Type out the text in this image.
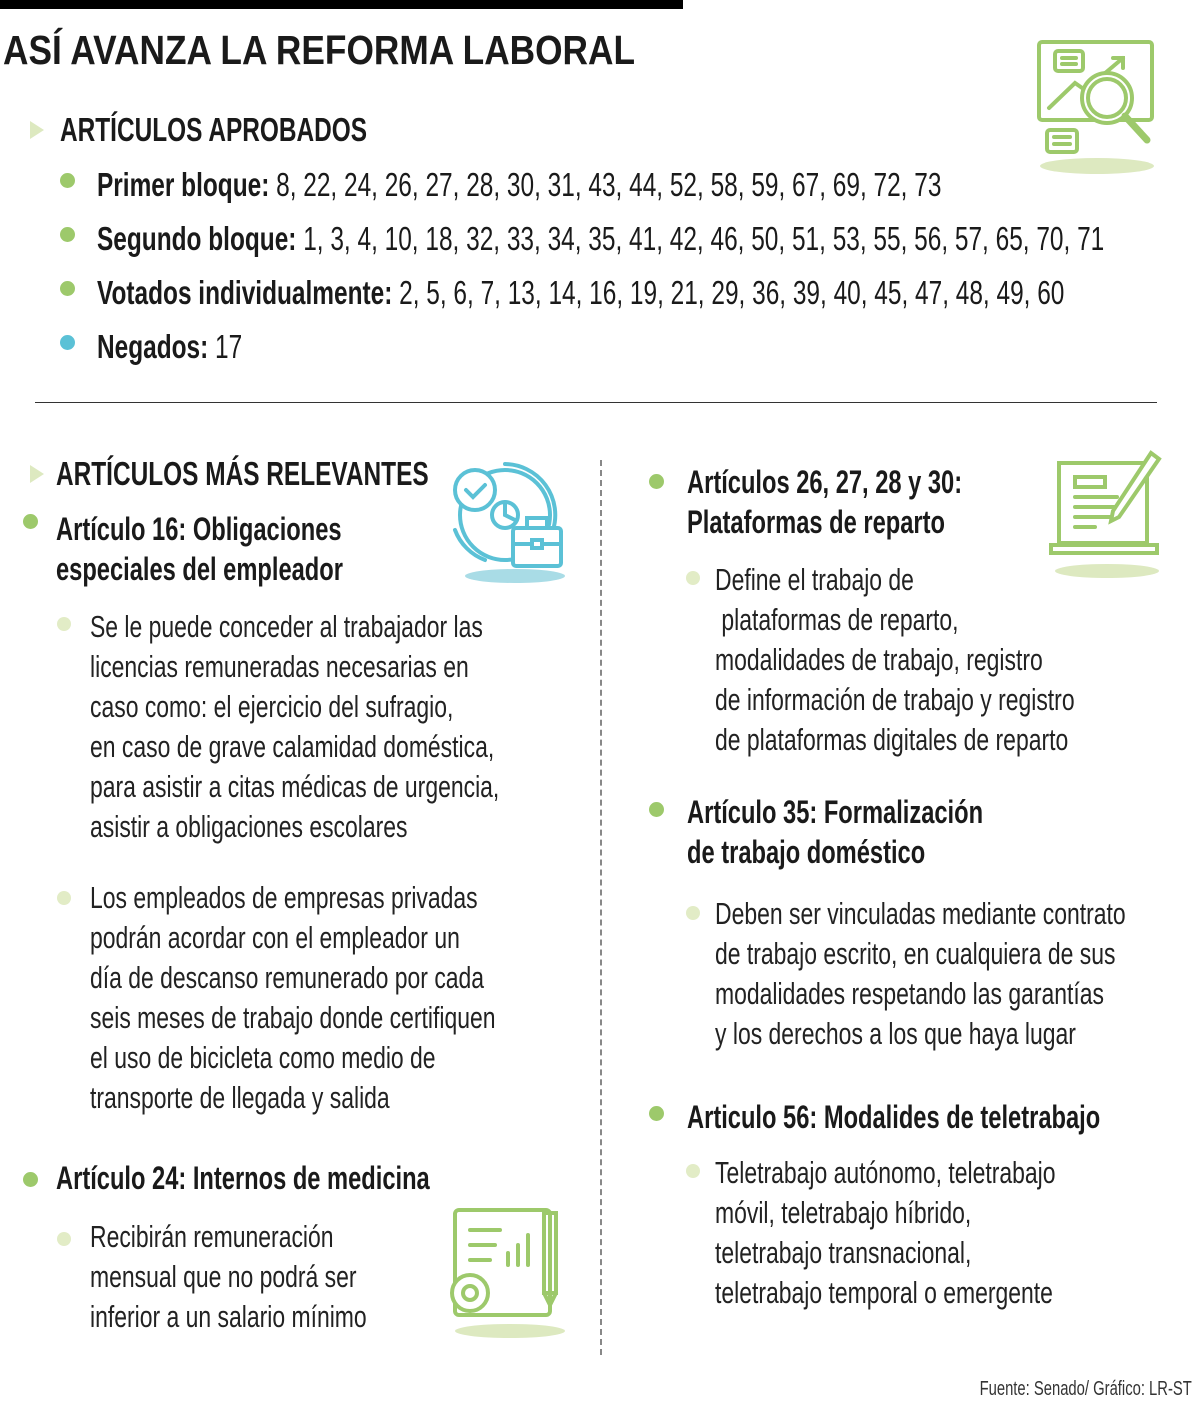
ASÍ AVANZA LA REFORMA LABORAL
ARTÍCULOS APROBADOS
Primer bloque: 8, 22, 24, 26, 27, 28, 30, 31, 43, 44, 52, 58, 59, 67, 69, 72, 73
Segundo bloque: 1, 3, 4, 10, 18, 32, 33, 34, 35, 41, 42, 46, 50, 51, 53, 55, 56, 57, 65, 70, 71
Votados individualmente: 2, 5, 6, 7, 13, 14, 16, 19, 21, 29, 36, 39, 40, 45, 47, 48, 49, 60
Negados: 17
ARTÍCULOS MÁS RELEVANTES
Artículo 16: Obligaciones
especiales del empleador
Se le puede conceder al trabajador las
licencias remuneradas necesarias en
caso como: el ejercicio del sufragio,
en caso de grave calamidad doméstica,
para asistir a citas médicas de urgencia,
asistir a obligaciones escolares
Los empleados de empresas privadas
podrán acordar con el empleador un
día de descanso remunerado por cada
seis meses de trabajo donde certifiquen
el uso de bicicleta como medio de
transporte de llegada y salida
Artículo 24: Internos de medicina
Recibirán remuneración
mensual que no podrá ser
inferior a un salario mínimo
Artículos 26, 27, 28 y 30:
Plataformas de reparto
Define el trabajo de
plataformas de reparto,
modalidades de trabajo, registro
de información de trabajo y registro
de plataformas digitales de reparto
Artículo 35: Formalización
de trabajo doméstico
Deben ser vinculadas mediante contrato
de trabajo escrito, en cualquiera de sus
modalidades respetando las garantías
y los derechos a los que haya lugar
Articulo 56: Modalides de teletrabajo
Teletrabajo autónomo, teletrabajo
móvil, teletrabajo híbrido,
teletrabajo transnacional,
teletrabajo temporal o emergente
Fuente: Senado/ Gráfico: LR-ST
